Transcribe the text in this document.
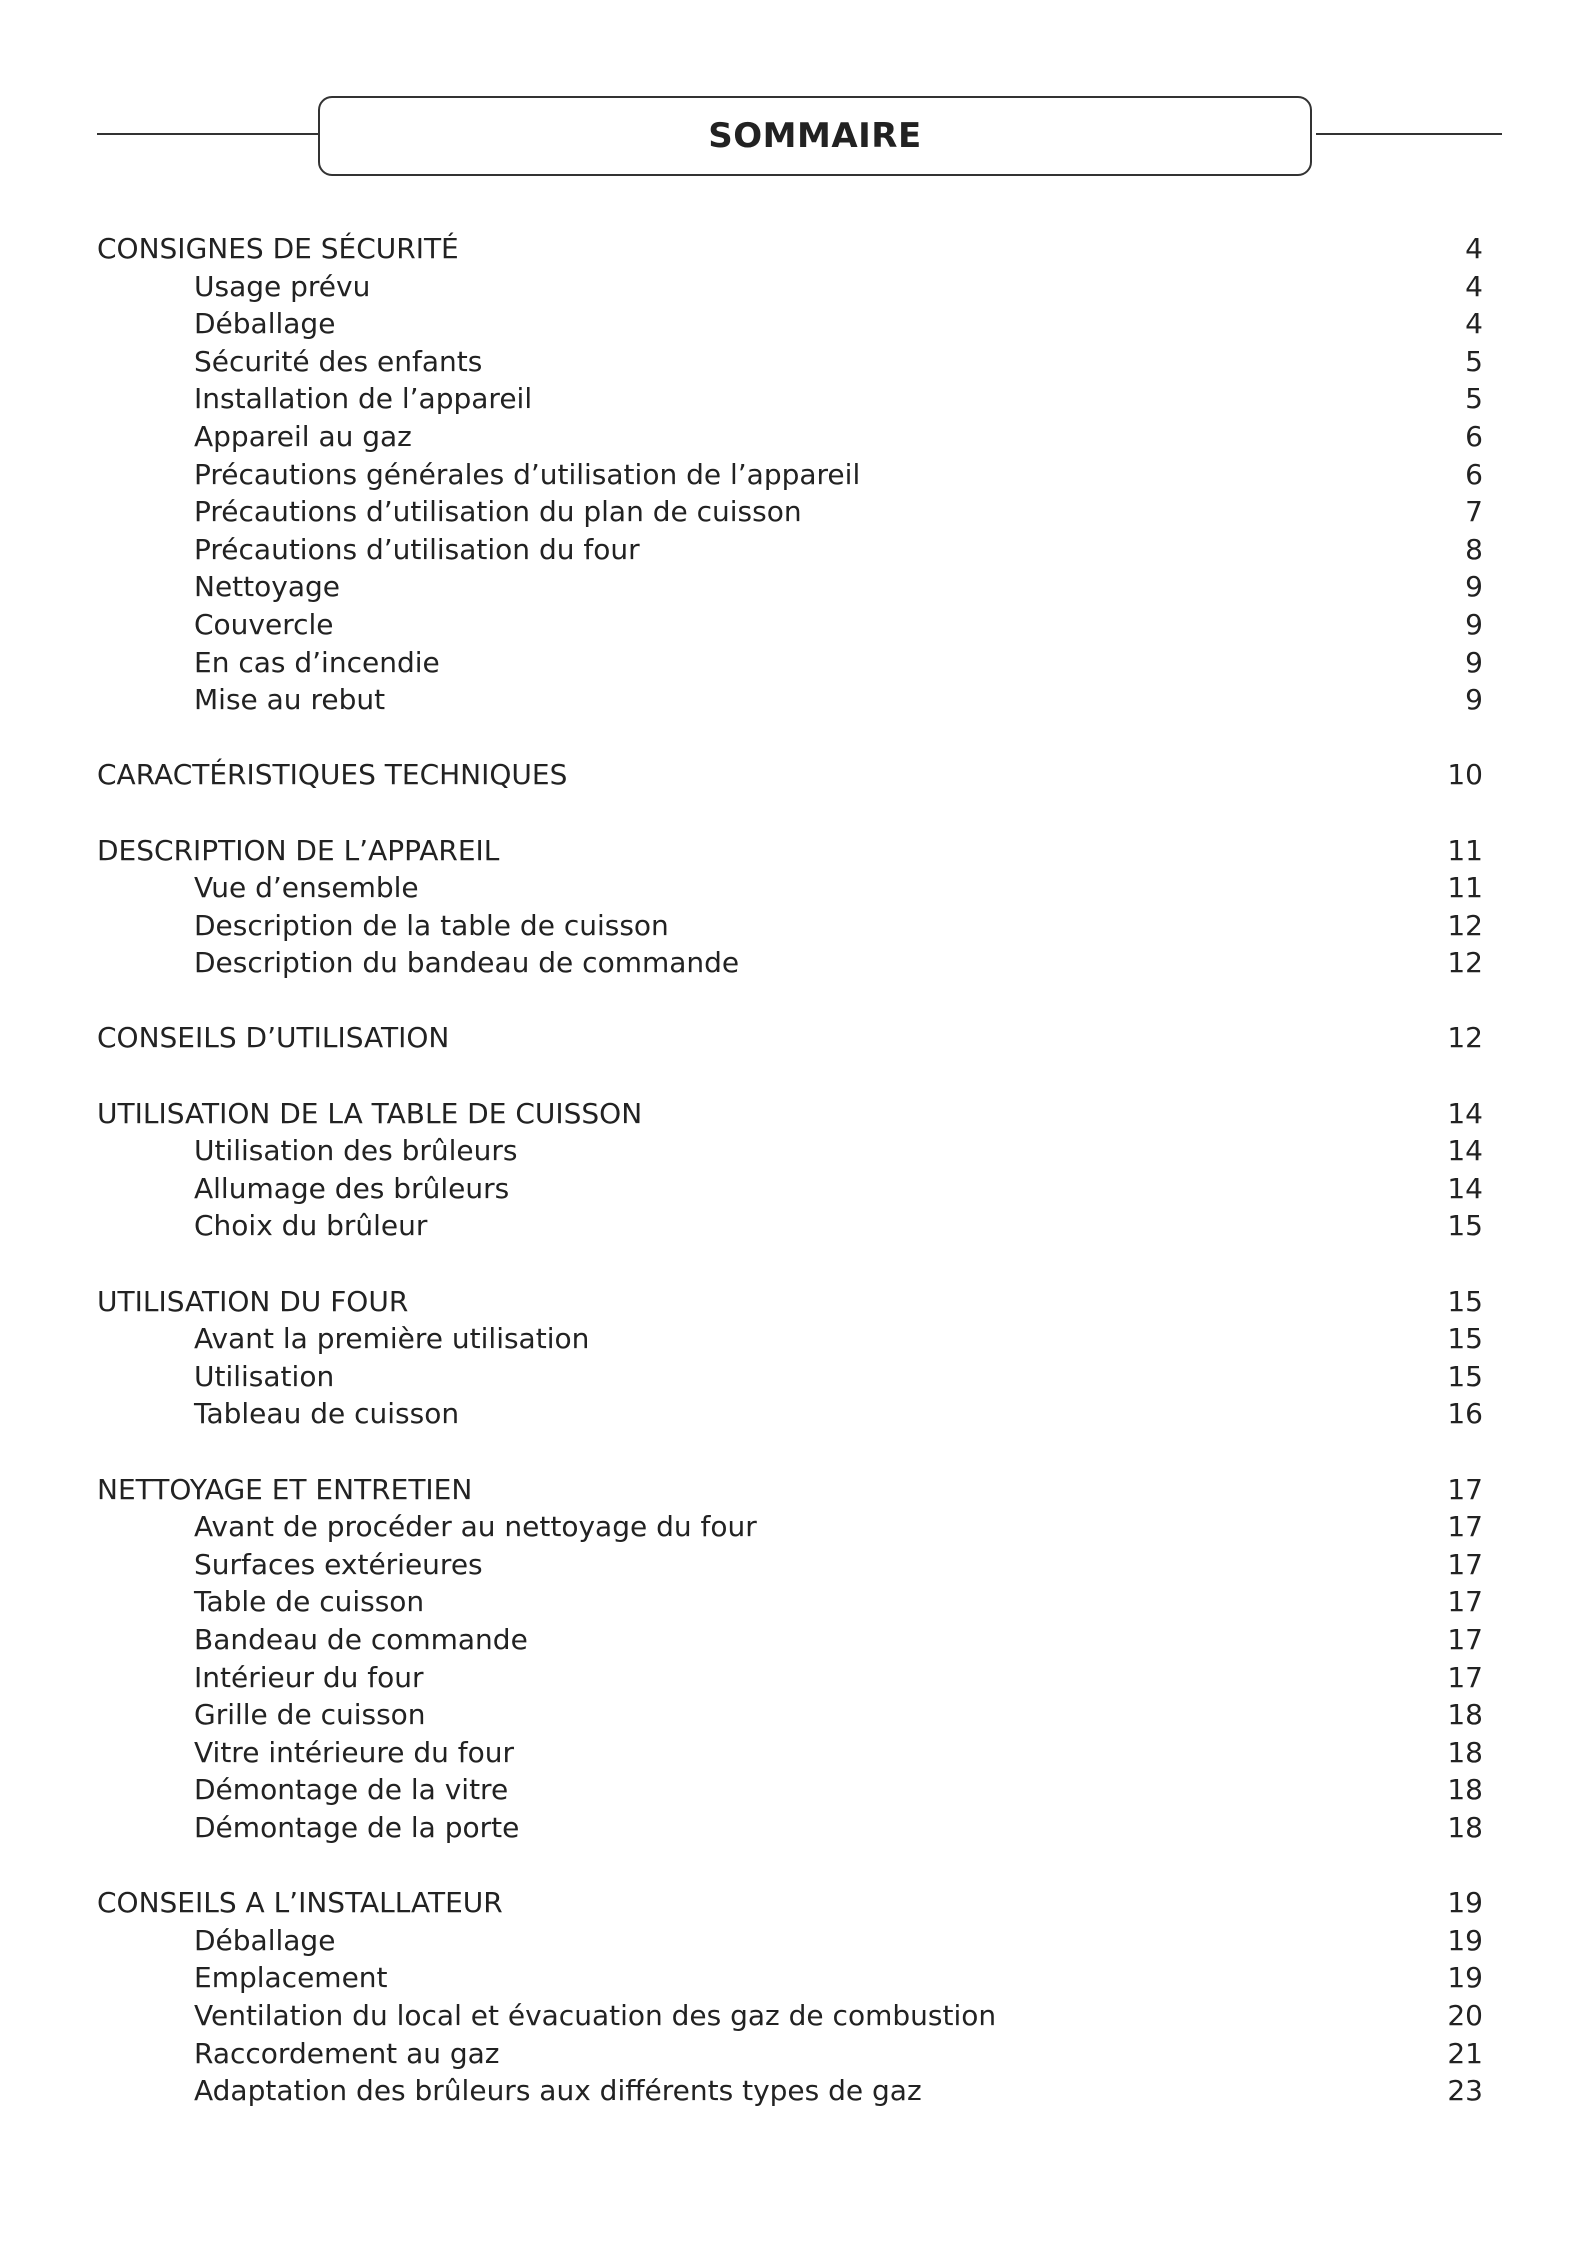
SOMMAIRE
CONSIGNES DE SÉCURITÉ	4
Usage prévu	4
Déballage	4
Sécurité des enfants	5
Installation de l’appareil	5
Appareil au gaz	6
Précautions générales d’utilisation de l’appareil	6
Précautions d’utilisation du plan de cuisson	7
Précautions d’utilisation du four	8
Nettoyage	9
Couvercle	9
En cas d’incendie	9
Mise au rebut	9
CARACTÉRISTIQUES TECHNIQUES	10
DESCRIPTION DE L’APPAREIL	11
Vue d’ensemble	11
Description de la table de cuisson	12
Description du bandeau de commande	12
CONSEILS D’UTILISATION	12
UTILISATION DE LA TABLE DE CUISSON	14
Utilisation des brûleurs	14
Allumage des brûleurs	14
Choix du brûleur	15
UTILISATION DU FOUR	15
Avant la première utilisation	15
Utilisation	15
Tableau de cuisson	16
NETTOYAGE ET ENTRETIEN	17
Avant de procéder au nettoyage du four	17
Surfaces extérieures	17
Table de cuisson	17
Bandeau de commande	17
Intérieur du four	17
Grille de cuisson	18
Vitre intérieure du four	18
Démontage de la vitre	18
Démontage de la porte	18
CONSEILS A L’INSTALLATEUR	19
Déballage	19
Emplacement	19
Ventilation du local et évacuation des gaz de combustion	20
Raccordement au gaz	21
Adaptation des brûleurs aux différents types de gaz	23
